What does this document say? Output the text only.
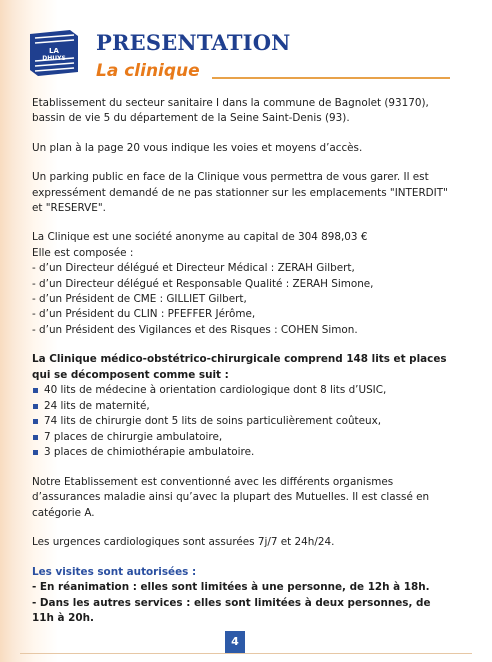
LA
DHUYS
PRESENTATION
La clinique

Etablissement du secteur sanitaire I dans la commune de Bagnolet (93170), bassin de vie 5 du département de la Seine Saint-Denis (93).

Un plan à la page 20 vous indique les voies et moyens d’accès.

Un parking public en face de la Clinique vous permettra de vous garer. Il est expressément demandé de ne pas stationner sur les emplacements "INTERDIT" et "RESERVE".

La Clinique est une société anonyme au capital de 304 898,03 €

Elle est composée :

- d’un Directeur délégué et Directeur Médical : ZERAH Gilbert,

- d’un Directeur délégué et Responsable Qualité : ZERAH Simone,

- d’un Président de CME : GILLIET Gilbert,

- d’un Président du CLIN : PFEFFER Jérôme,

- d’un Président des Vigilances et des Risques : COHEN Simon.

La Clinique médico-obstétrico-chirurgicale comprend 148 lits et places qui se décomposent comme suit :

40 lits de médecine à orientation cardiologique dont 8 lits d’USIC,
24 lits de maternité,
74 lits de chirurgie dont 5 lits de soins particulièrement coûteux,
7 places de chirurgie ambulatoire,
3 places de chimiothérapie ambulatoire.

Notre Etablissement est conventionné avec les différents organismes d’assurances maladie ainsi qu’avec la plupart des Mutuelles. Il est classé en catégorie A.

Les urgences cardiologiques sont assurées 7j/7 et 24h/24.

Les visites sont autorisées :

- En réanimation : elles sont limitées à une personne, de 12h à 18h.

- Dans les autres services : elles sont limitées à deux personnes, de 11h à 20h.

4
